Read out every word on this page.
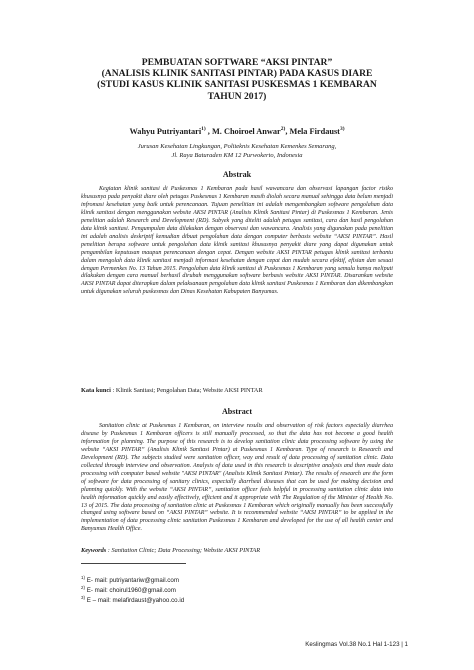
PEMBUATAN SOFTWARE “AKSI PINTAR”
(ANALISIS KLINIK SANITASI PINTAR) PADA KASUS DIARE
(STUDI KASUS KLINIK SANITASI PUSKESMAS 1 KEMBARAN
TAHUN 2017)
Wahyu Putriyantari$^{1)}$ , M. Choiroel Anwar$^{2)}$, Mela Firdaust$^{3)}$
Jurusan Kesehatan Lingkungan, Politeknis Kesehatan Kemenkes Semarang,
Jl. Raya Baturaden KM 12 Purwokerto, Indonesia
Abstrak

Kegiatan klinik sanitasi di Puskesmas 1 Kembaran pada hasil wawancara dan observasi lapangan factor risiko khususnya pada penyakit diare oleh petugas Puskesmas 1 Kembaran masih diolah secara manual sehingga data belum menjadi infromasi kesehatan yang baik untuk perencanaan. Tujuan penelitian ini adalah mengembangkan software pengolahan data klinik sanitasi dengan menggunakan website AKSI PINTAR (Analisis Klinik Sanitasi Pintar) di Puskesmas 1 Kembaran. Jenis penelitian adalah Research and Development (RD). Subyek yang diteliti adalah petugas sanitasi, cara dan hasil pengolahan data klinik sanitasi. Pengumpulan data dilakukan dengan observasi dan wawancara. Analisis yang digunakan pada penelitian ini adalah analisis deskriptif kemudian dibuat pengolahan data dengan computer berbasis website “AKSI PINTAR”. Hasil penelitian berupa software untuk pengolahan data klinik sanitasi khususnya penyakit diare yang dapat digunakan untuk pengambilan keputusan maupun perencanaan dengan cepat. Dengan website AKSI PINTAR petugas klinik sanitasi terbantu dalam mengolah data klinik sanitasi menjadi informasi kesehatan dengan cepat dan mudah secara efektif, efisian dan sesuai dengan Permenkes No. 13 Tahun 2015. Pengolahan data klinik sanitasi di Puskesmas 1 Kembaran yang semula hanya meliputi dilakukan dengan cara manual berhasil dirubah menggunakan software berbasis website AKSI PINTAR. Disarankan website AKSI PINTAR dapat diterapkan dalam pelaksanaan pengolahan data klinik sanitasi Puskesmas 1 Kembaran dan dikembangkan untuk digunakan seluruh puskesmas dan Dinas Kesehatan Kabupaten Banyumas.

Kata kunci : Klinik Sanitasi; Pengolahan Data; Website AKSI PINTAR
Abstract

Sanitation clinic at Puskesmas 1 Kembaran, on interview results and observation of risk factors especially diarrhea disease by Puskesmas 1 Kembaran officers is still manually processed, so that the data has not become a good health information for planning. The purpose of this research is to develop sanitation clinic data processing software by using the website “AKSI PINTAR” (Analisis Klinik Sanitasi Pintar) at Puskesmas 1 Kembaran. Type of research is Research and Development (RD). The subjects studied were sanitation officer, way and result of data processing of sanitation clinic. Data collected through interview and observation. Analysis of data used in this research is descriptive analysis and then made data processing with computer based website "AKSI PINTAR" (Analisis Klinik Sanitasi Pintar). The results of research are the form of software for data processing of sanitary clinics, especially diarrheal diseases that can be used for making decision and planning quickly. With the website “AKSI PINTAR”, sanitation officer feels helpful in processing sanitation clinic data into health information quickly and easily effectively, efficient and it appropriate with The Regulation of the Minister of Health No. 13 of 2015. The data processing of sanitation clinic at Puskesmas 1 Kembaran which originally manually has been successfully changed using software based on “AKSI PINTAR” website. It is recommended website “AKSI PINTAR” to be applied in the implementation of data processing clinic sanitation Puskesmas 1 Kembaran and developed for the use of all health center and Banyumas Health Office.

Keywords : Sanitation Clinic; Data Processing; Website AKSI PINTAR
$^{1)}$ E- mail: putriyantariw@gmail.com
$^{2)}$ E- mail: choirul1960@gmail.com
$^{3)}$ E – mail: melafirdaust@yahoo.co.id
Keslingmas Vol.38 No.1 Hal 1-123 | 1
